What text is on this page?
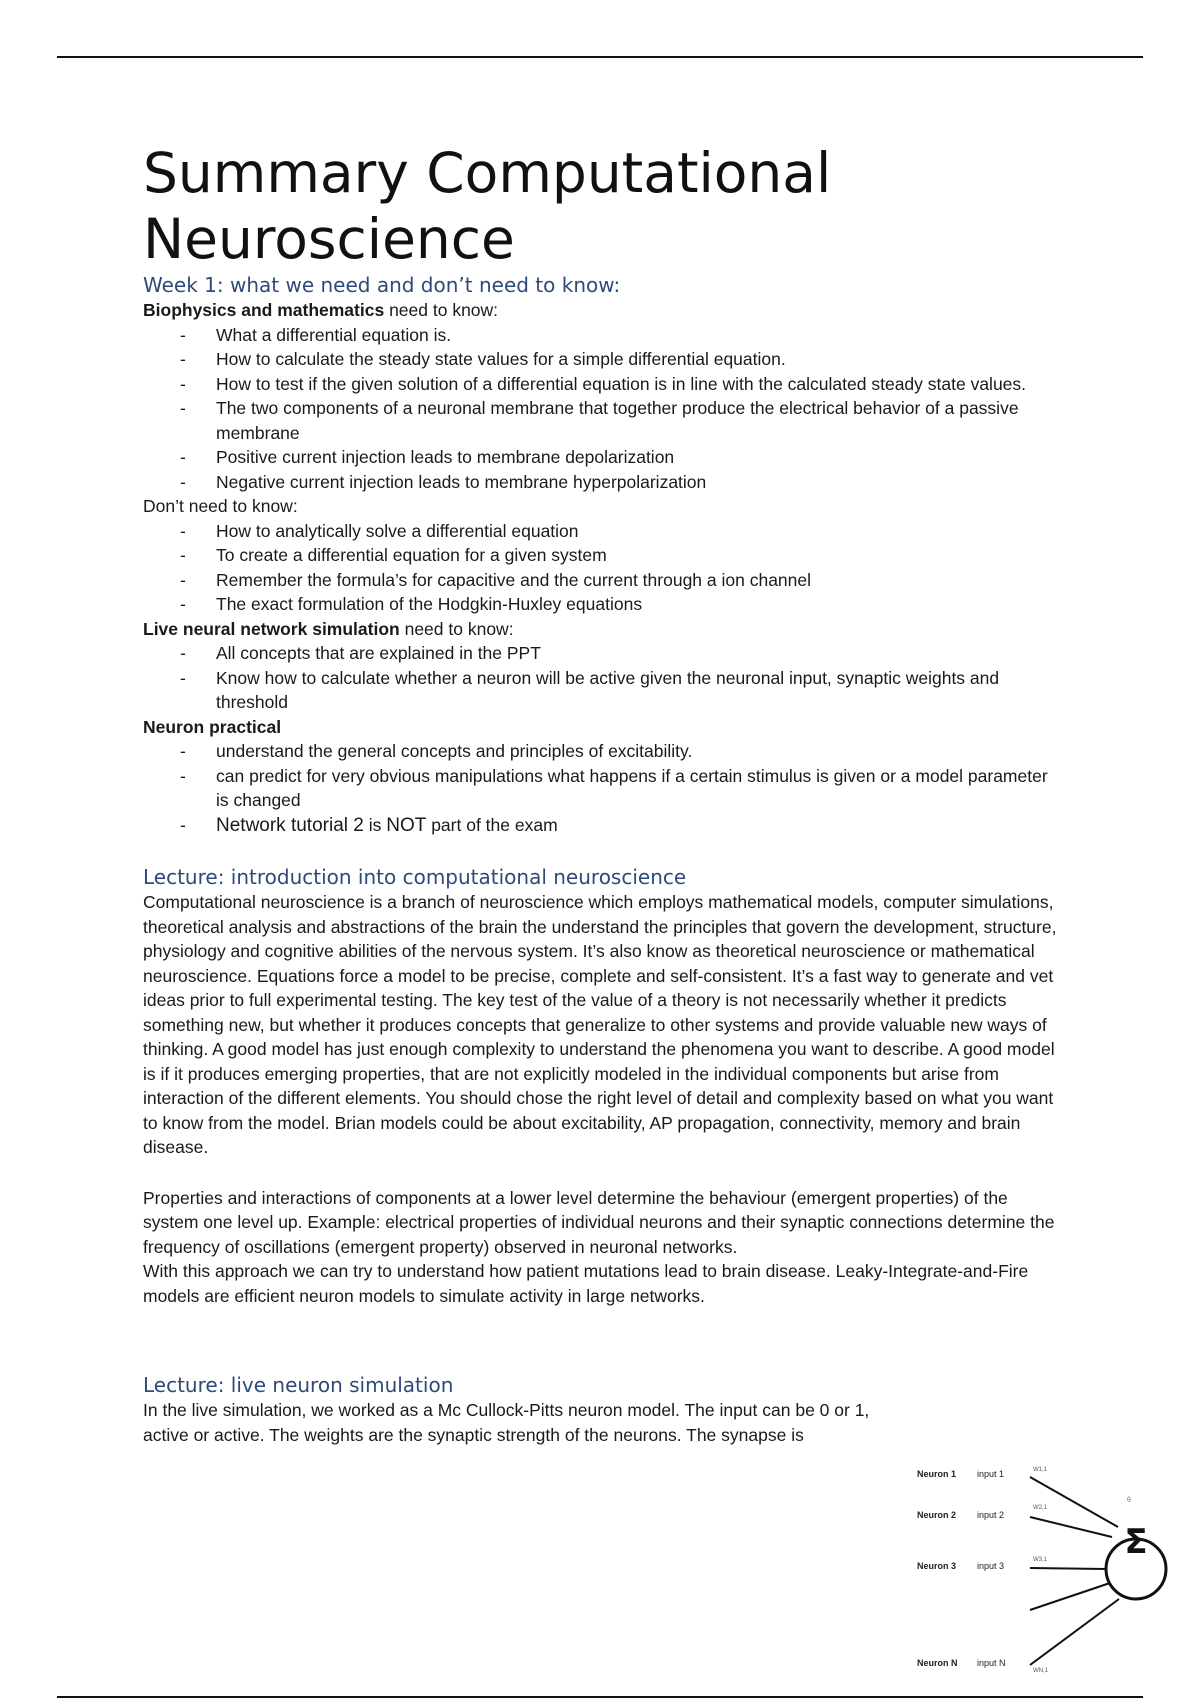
Summary Computational Neuroscience
Week 1: what we need and don’t need to know:

Biophysics and mathematics need to know:

- What a differential equation is.
- How to calculate the steady state values for a simple differential equation.
- How to test if the given solution of a differential equation is in line with the calculated steady state values.
- The two components of a neuronal membrane that together produce the electrical behavior of a passive membrane
- Positive current injection leads to membrane depolarization
- Negative current injection leads to membrane hyperpolarization

Don’t need to know:

- How to analytically solve a differential equation
- To create a differential equation for a given system
- Remember the formula’s for capacitive and the current through a ion channel
- The exact formulation of the Hodgkin-Huxley equations

Live neural network simulation need to know:

- All concepts that are explained in the PPT
- Know how to calculate whether a neuron will be active given the neuronal input, synaptic weights and threshold

Neuron practical

- understand the general concepts and principles of excitability.
- can predict for very obvious manipulations what happens if a certain stimulus is given or a model parameter is changed
- Network tutorial 2 is NOT part of the exam
Lecture: introduction into computational neuroscience

Computational neuroscience is a branch of neuroscience which employs mathematical models, computer simulations, theoretical analysis and abstractions of the brain the understand the principles that govern the development, structure, physiology and cognitive abilities of the nervous system. It’s also know as theoretical neuroscience or mathematical neuroscience. Equations force a model to be precise, complete and self-consistent. It’s a fast way to generate and vet ideas prior to full experimental testing. The key test of the value of a theory is not necessarily whether it predicts something new, but whether it produces concepts that generalize to other systems and provide valuable new ways of thinking. A good model has just enough complexity to understand the phenomena you want to describe. A good model is if it produces emerging properties, that are not explicitly modeled in the individual components but arise from interaction of the different elements. You should chose the right level of detail and complexity based on what you want to know from the model. Brian models could be about excitability, AP propagation, connectivity, memory and brain disease.

Properties and interactions of components at a lower level determine the behaviour (emergent properties) of the system one level up. Example: electrical properties of individual neurons and their synaptic connections determine the frequency of oscillations (emergent property) observed in neuronal networks.

With this approach we can try to understand how patient mutations lead to brain disease. Leaky-Integrate-and-Fire models are efficient neuron models to simulate activity in large networks.

Lecture: live neuron simulation

In the live simulation, we worked as a Mc Cullock-Pitts neuron model. The input can be 0 or 1, active or active. The weights are the synaptic strength of the neurons. The synapse is

Σ
Neuron 1
Neuron 2
Neuron 3
Neuron N
input 1
input 2
input 3
input N
W1,1
W2,1
W3,1
WN,1
θ
